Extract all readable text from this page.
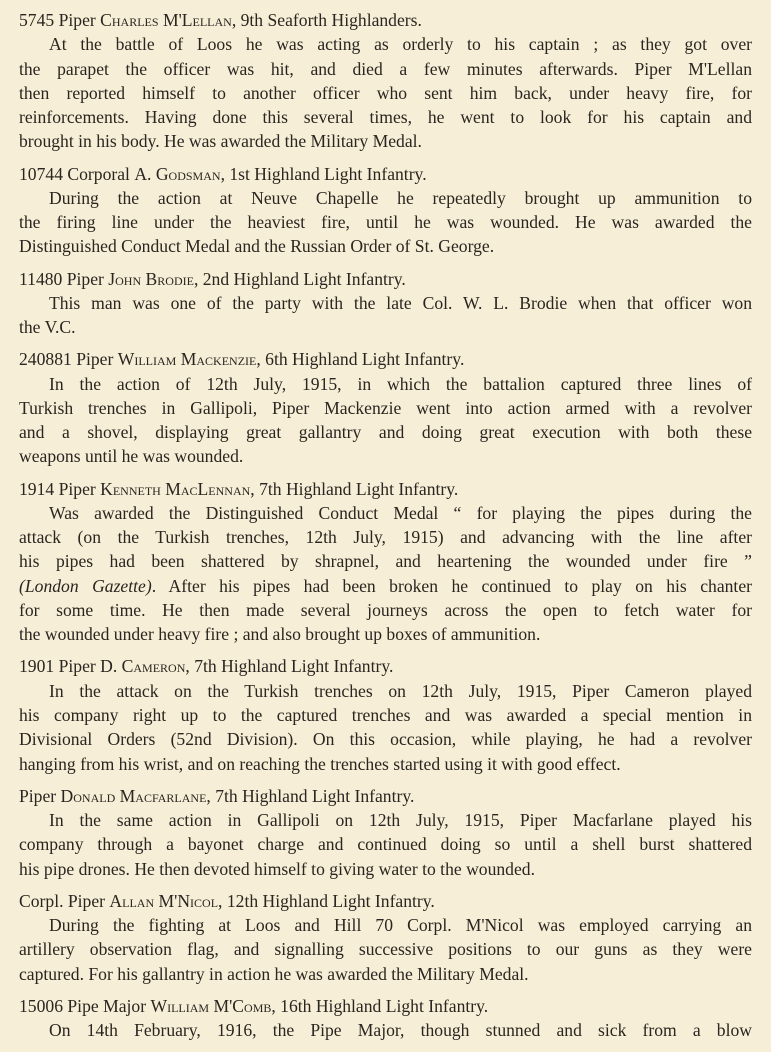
5745 Piper Charles M'Lellan, 9th Seaforth Highlanders.
At the battle of Loos he was acting as orderly to his captain ; as they got over
the parapet the officer was hit, and died a few minutes afterwards. Piper M'Lellan
then reported himself to another officer who sent him back, under heavy fire, for
reinforcements. Having done this several times, he went to look for his captain and
brought in his body. He was awarded the Military Medal.
10744 Corporal A. Godsman, 1st Highland Light Infantry.
During the action at Neuve Chapelle he repeatedly brought up ammunition to
the firing line under the heaviest fire, until he was wounded. He was awarded the
Distinguished Conduct Medal and the Russian Order of St. George.
11480 Piper John Brodie, 2nd Highland Light Infantry.
This man was one of the party with the late Col. W. L. Brodie when that officer won
the V.C.
240881 Piper William Mackenzie, 6th Highland Light Infantry.
In the action of 12th July, 1915, in which the battalion captured three lines of
Turkish trenches in Gallipoli, Piper Mackenzie went into action armed with a revolver
and a shovel, displaying great gallantry and doing great execution with both these
weapons until he was wounded.
1914 Piper Kenneth MacLennan, 7th Highland Light Infantry.
Was awarded the Distinguished Conduct Medal “ for playing the pipes during the
attack (on the Turkish trenches, 12th July, 1915) and advancing with the line after
his pipes had been shattered by shrapnel, and heartening the wounded under fire ”
(London Gazette). After his pipes had been broken he continued to play on his chanter
for some time. He then made several journeys across the open to fetch water for
the wounded under heavy fire ; and also brought up boxes of ammunition.
1901 Piper D. Cameron, 7th Highland Light Infantry.
In the attack on the Turkish trenches on 12th July, 1915, Piper Cameron played
his company right up to the captured trenches and was awarded a special mention in
Divisional Orders (52nd Division). On this occasion, while playing, he had a revolver
hanging from his wrist, and on reaching the trenches started using it with good effect.
Piper Donald Macfarlane, 7th Highland Light Infantry.
In the same action in Gallipoli on 12th July, 1915, Piper Macfarlane played his
company through a bayonet charge and continued doing so until a shell burst shattered
his pipe drones. He then devoted himself to giving water to the wounded.
Corpl. Piper Allan M'Nicol, 12th Highland Light Infantry.
During the fighting at Loos and Hill 70 Corpl. M'Nicol was employed carrying an
artillery observation flag, and signalling successive positions to our guns as they were
captured. For his gallantry in action he was awarded the Military Medal.
15006 Pipe Major William M'Comb, 16th Highland Light Infantry.
On 14th February, 1916, the Pipe Major, though stunned and sick from a blow
